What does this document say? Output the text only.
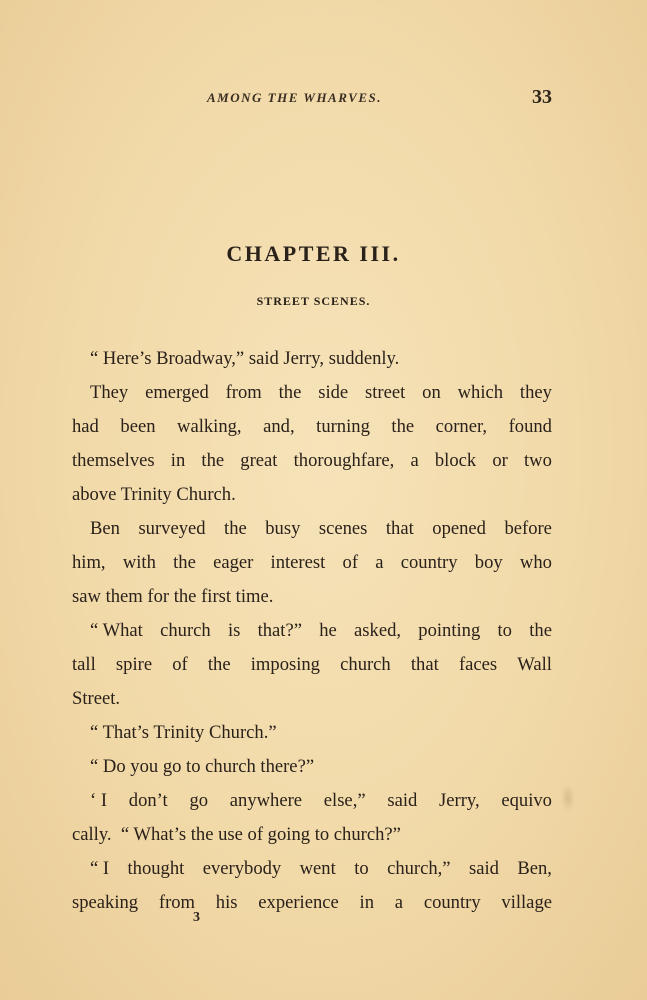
AMONG THE WHARVES.	33
CHAPTER III.
STREET SCENES.
“ Here’s Broadway,” said Jerry, suddenly.
They emerged from the side street on which they
had been walking, and, turning the corner, found
themselves in the great thoroughfare, a block or two
above Trinity Church.
Ben surveyed the busy scenes that opened before
him, with the eager interest of a country boy who
saw them for the first time.
“ What church is that?” he asked, pointing to the
tall spire of the imposing church that faces Wall
Street.
“ That’s Trinity Church.”
“ Do you go to church there?”
‘ I don’t go anywhere else,” said Jerry, equivo
cally.  “ What’s the use of going to church?”
“ I thought everybody went to church,” said Ben,
speaking from his experience in a country village
3
